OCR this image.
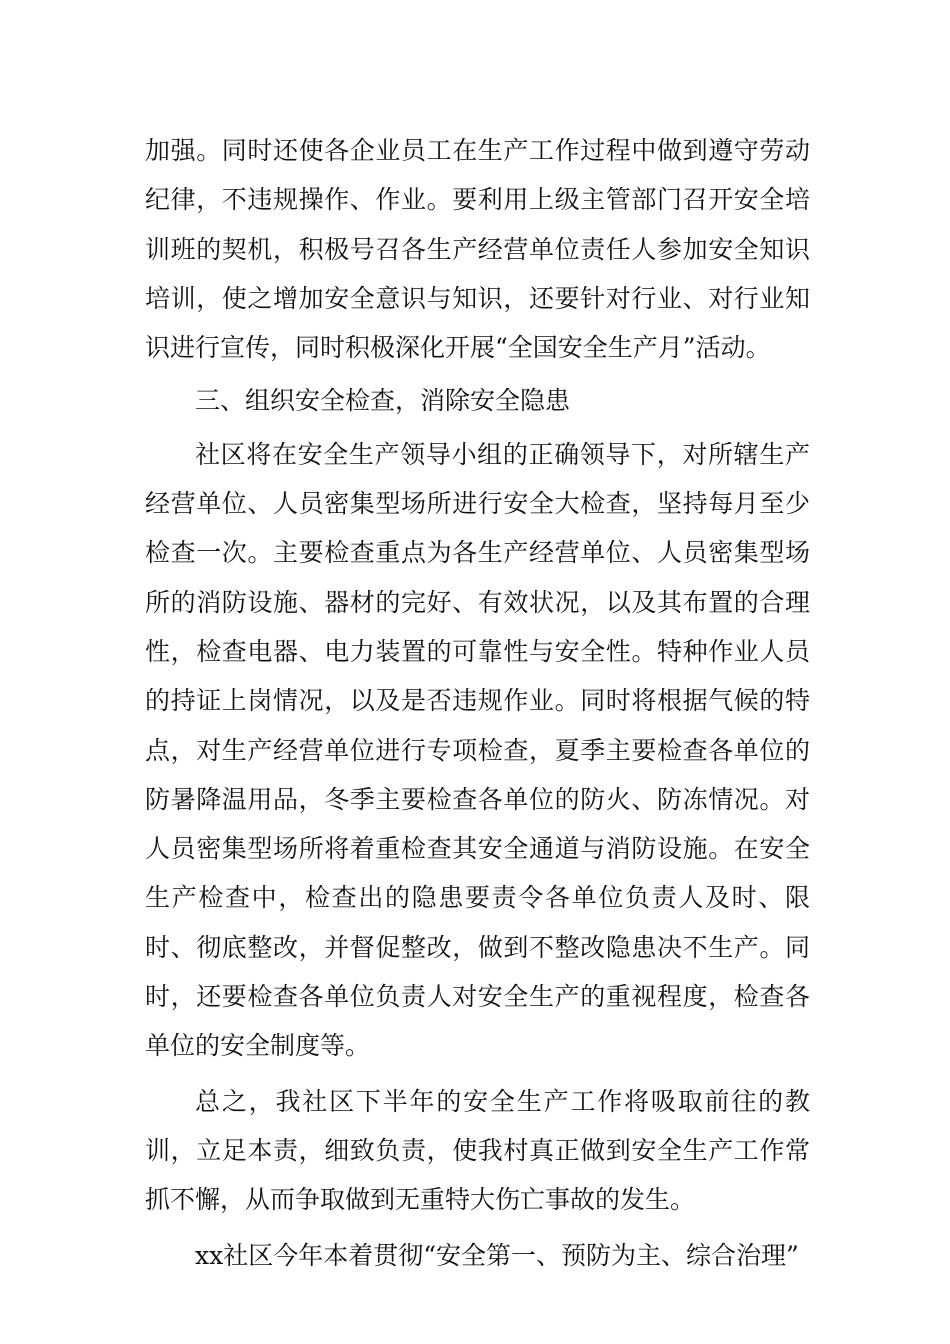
加强。同时还使各企业员工在生产工作过程中做到遵守劳动纪律，不违规操作、作业。要利用上级主管部门召开安全培训班的契机，积极号召各生产经营单位责任人参加安全知识培训，使之增加安全意识与知识，还要针对行业、对行业知识进行宣传，同时积极深化开展“全国安全生产月”活动。

三、组织安全检查，消除安全隐患

社区将在安全生产领导小组的正确领导下，对所辖生产经营单位、人员密集型场所进行安全大检查，坚持每月至少检查一次。主要检查重点为各生产经营单位、人员密集型场所的消防设施、器材的完好、有效状况，以及其布置的合理性，检查电器、电力装置的可靠性与安全性。特种作业人员的持证上岗情况，以及是否违规作业。同时将根据气候的特点，对生产经营单位进行专项检查，夏季主要检查各单位的防暑降温用品，冬季主要检查各单位的防火、防冻情况。对人员密集型场所将着重检查其安全通道与消防设施。在安全生产检查中，检查出的隐患要责令各单位负责人及时、限时、彻底整改，并督促整改，做到不整改隐患决不生产。同时，还要检查各单位负责人对安全生产的重视程度，检查各单位的安全制度等。

总之，我社区下半年的安全生产工作将吸取前往的教训，立足本责，细致负责，使我村真正做到安全生产工作常抓不懈，从而争取做到无重特大伤亡事故的发生。

xx社区今年本着贯彻“安全第一、预防为主、综合治理”
